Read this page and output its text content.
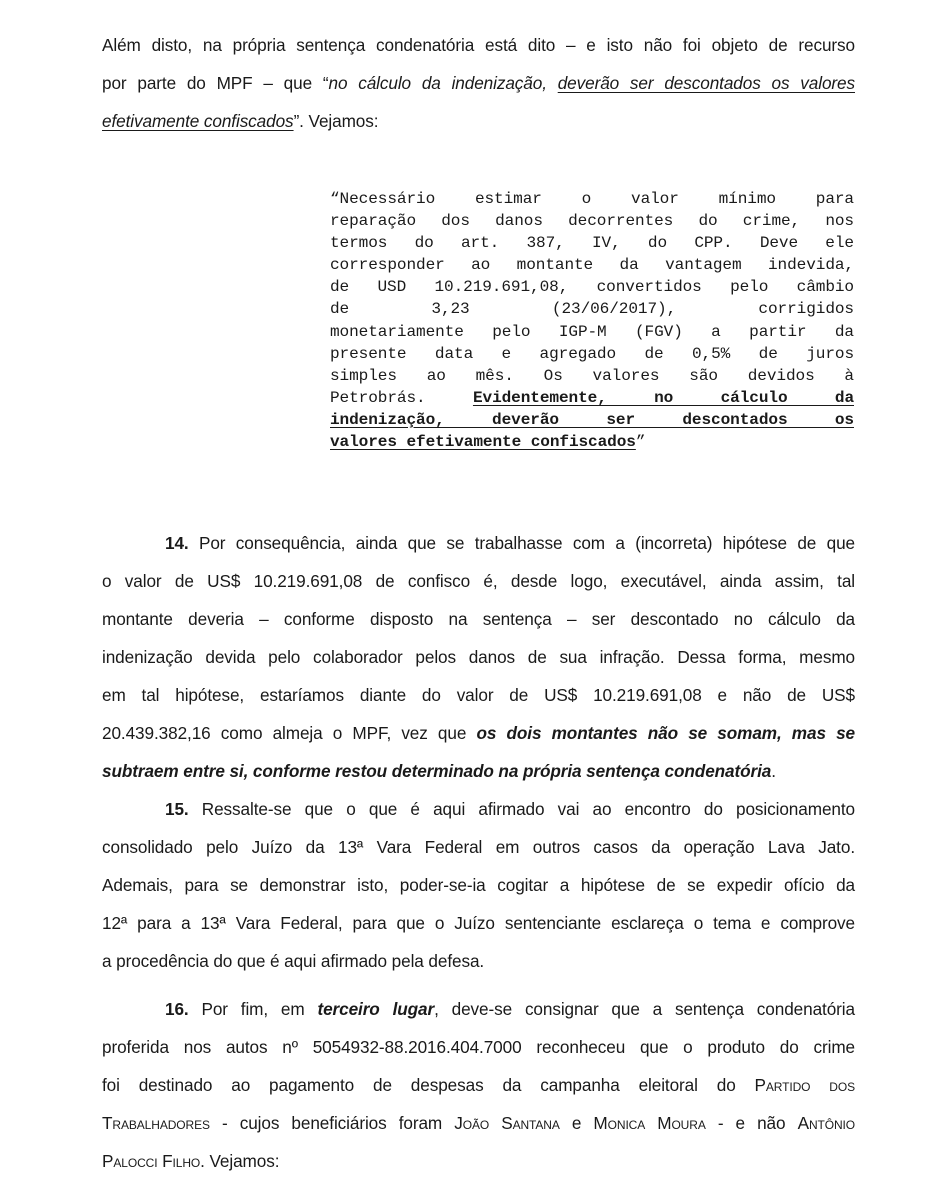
Além disto, na própria sentença condenatória está dito – e isto não foi objeto de recurso
por parte do MPF – que “no cálculo da indenização, deverão ser descontados os valores
efetivamente confiscados”. Vejamos:
“Necessário estimar o valor mínimo para
reparação dos danos decorrentes do crime, nos
termos do art. 387, IV, do CPP. Deve ele
corresponder ao montante da vantagem indevida,
de USD 10.219.691,08, convertidos pelo câmbio
de 3,23 (23/06/2017), corrigidos
monetariamente pelo IGP-M (FGV) a partir da
presente data e agregado de 0,5% de juros
simples ao mês. Os valores são devidos à
Petrobrás. Evidentemente, no cálculo da
indenização, deverão ser descontados os
valores efetivamente confiscados”
14. Por consequência, ainda que se trabalhasse com a (incorreta) hipótese de que
o valor de US$ 10.219.691,08 de confisco é, desde logo, executável, ainda assim, tal
montante deveria – conforme disposto na sentença – ser descontado no cálculo da
indenização devida pelo colaborador pelos danos de sua infração. Dessa forma, mesmo
em tal hipótese, estaríamos diante do valor de US$ 10.219.691,08 e não de US$
20.439.382,16 como almeja o MPF, vez que os dois montantes não se somam, mas se
subtraem entre si, conforme restou determinado na própria sentença condenatória.
15. Ressalte-se que o que é aqui afirmado vai ao encontro do posicionamento
consolidado pelo Juízo da 13ª Vara Federal em outros casos da operação Lava Jato.
Ademais, para se demonstrar isto, poder-se-ia cogitar a hipótese de se expedir ofício da
12ª para a 13ª Vara Federal, para que o Juízo sentenciante esclareça o tema e comprove
a procedência do que é aqui afirmado pela defesa.
16. Por fim, em terceiro lugar, deve-se consignar que a sentença condenatória
proferida nos autos nº 5054932-88.2016.404.7000 reconheceu que o produto do crime
foi destinado ao pagamento de despesas da campanha eleitoral do Partido dos
Trabalhadores - cujos beneficiários foram João Santana e Monica Moura - e não Antônio
Palocci Filho. Vejamos:
